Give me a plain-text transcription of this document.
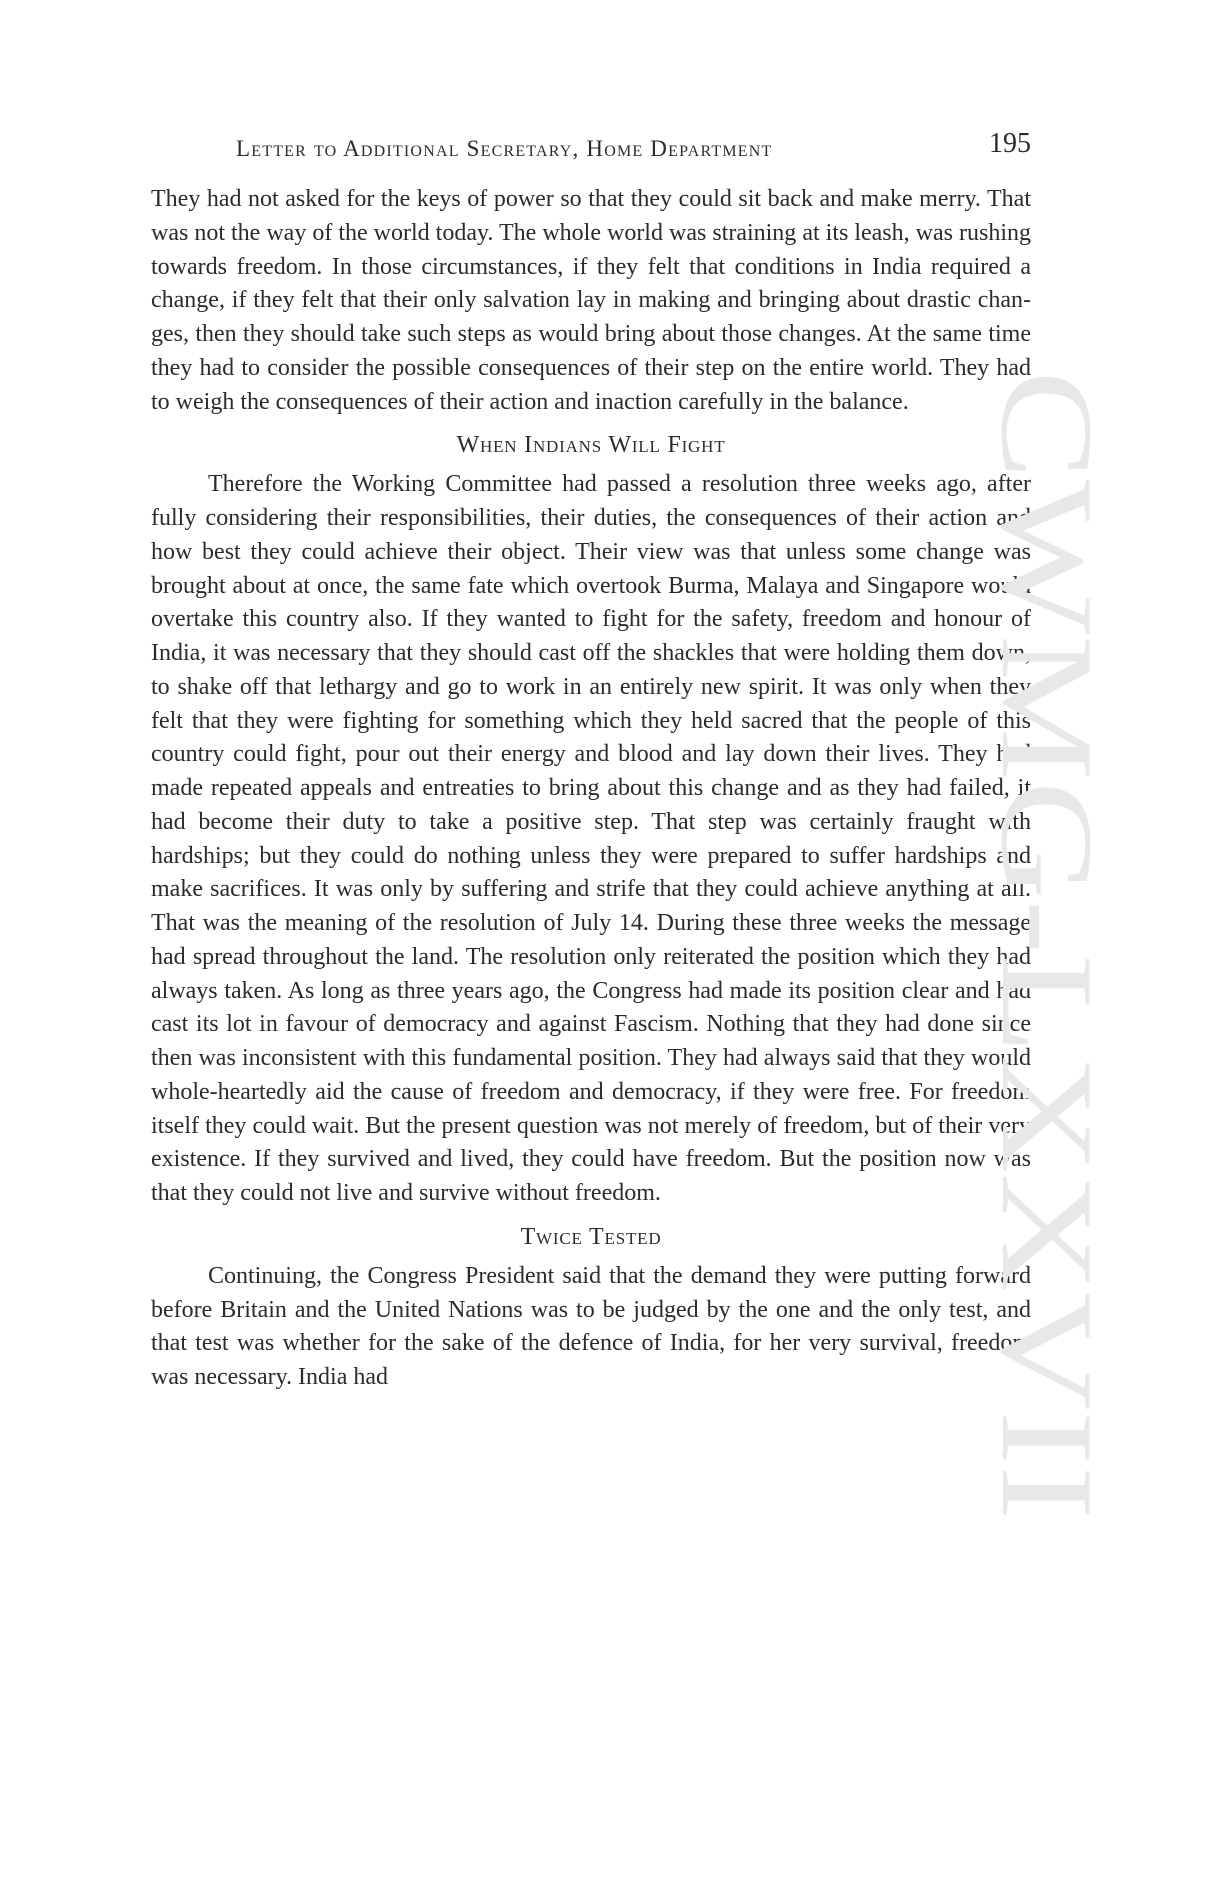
Letter to Additional Secretary, Home Department	195

They had not asked for the keys of power so that they could sit back and make merry. That was not the way of the world today. The whole world was straining at its leash, was rushing towards freedom. In those circumstances, if they felt that conditions in India required a change, if they felt that their only salvation lay in making and bringing about drastic changes, then they should take such steps as would bring about those changes. At the same time they had to consider the possible consequences of their step on the entire world. They had to weigh the consequences of their action and inaction carefully in the balance.

When Indians Will Fight

Therefore the Working Committee had passed a resolution three weeks ago, after fully considering their responsibilities, their duties, the consequences of their action and how best they could achieve their object. Their view was that unless some change was brought about at once, the same fate which overtook Burma, Malaya and Singapore would overtake this country also. If they wanted to fight for the safety, freedom and honour of India, it was necessary that they should cast off the shackles that were holding them down, to shake off that lethargy and go to work in an entirely new spirit. It was only when they felt that they were fighting for something which they held sacred that the people of this country could fight, pour out their energy and blood and lay down their lives. They had made repeated appeals and entreaties to bring about this change and as they had failed, it had become their duty to take a positive step. That step was certainly fraught with hardships; but they could do nothing unless they were prepared to suffer hardships and make sacrifices. It was only by suffering and strife that they could achieve anything at all. That was the meaning of the resolution of July 14. During these three weeks the message had spread throughout the land. The resolution only reiterated the position which they had always taken. As long as three years ago, the Congress had made its position clear and had cast its lot in favour of democracy and against Fascism. Nothing that they had done since then was inconsistent with this fundamental position. They had always said that they would whole-heartedly aid the cause of freedom and democracy, if they were free. For freedom itself they could wait. But the present question was not merely of freedom, but of their very existence. If they survived and lived, they could have freedom. But the position now was that they could not live and survive without freedom.

Twice Tested

Continuing, the Congress President said that the demand they were putting forward before Britain and the United Nations was to be judged by the one and the only test, and that test was whether for the sake of the defence of India, for her very survival, freedom was necessary. India had

CWMG-LXXVII
